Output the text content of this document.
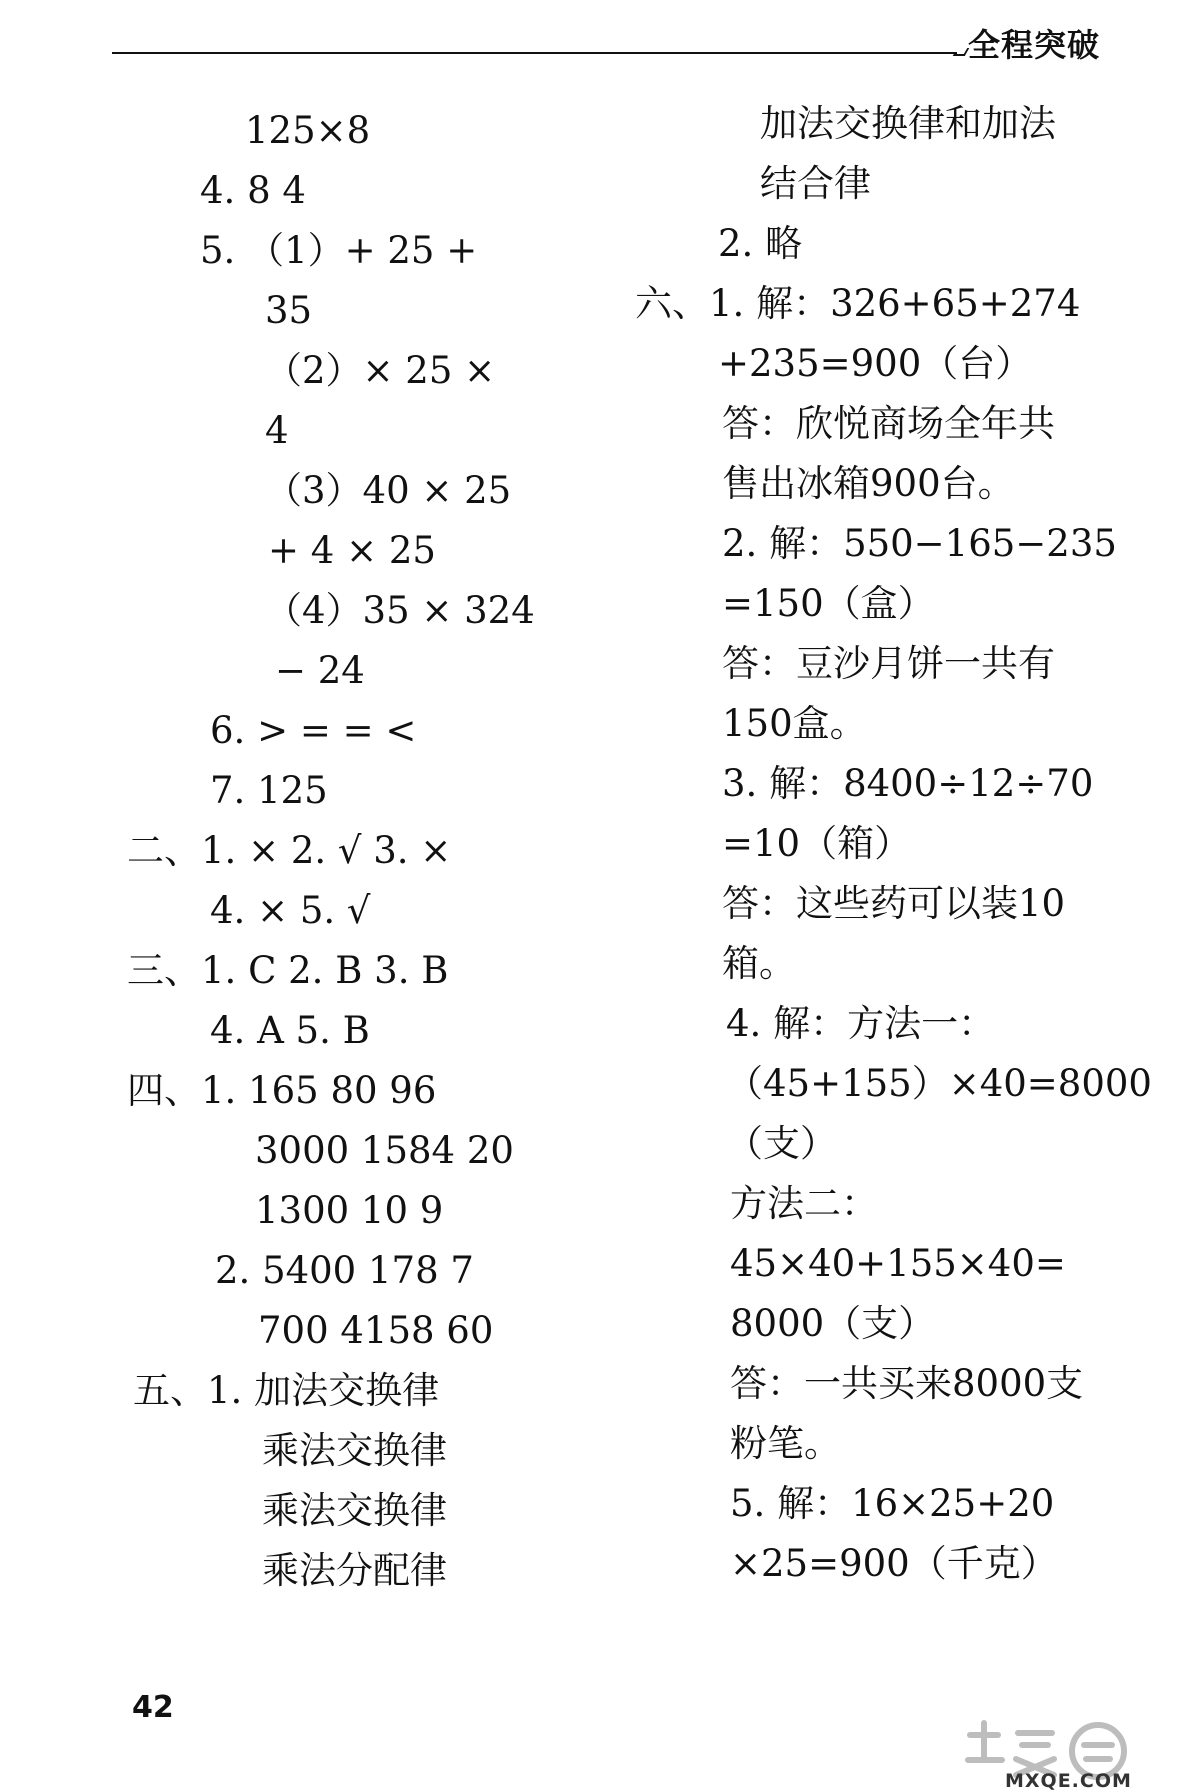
全程突破
125×8
4. 8 4
5. （1）+ 25 +
35
（2）× 25 ×
4
（3）40 × 25
+ 4 × 25
（4）35 × 324
− 24
6. > = = <
7. 125
二、1. × 2. √ 3. ×
4. × 5. √
三、1. C 2. B 3. B
4. A 5. B
四、1. 165 80 96
3000 1584 20
1300 10 9
2. 5400 178 7
700 4158 60
五、1. 加法交换律
乘法交换律
乘法交换律
乘法分配律
加法交换律和加法
结合律
2. 略
六、1. 解：326+65+274
+235=900（台）
答：欣悦商场全年共
售出冰箱900台。
2. 解：550−165−235
=150（盒）
答：豆沙月饼一共有
150盒。
3. 解：8400÷12÷70
=10（箱）
答：这些药可以装10
箱。
4. 解：方法一：
（45+155）×40=8000
（支）
方法二：
45×40+155×40=
8000（支）
答：一共买来8000支
粉笔。
5. 解：16×25+20
×25=900（千克）
42
MXQE.COM
